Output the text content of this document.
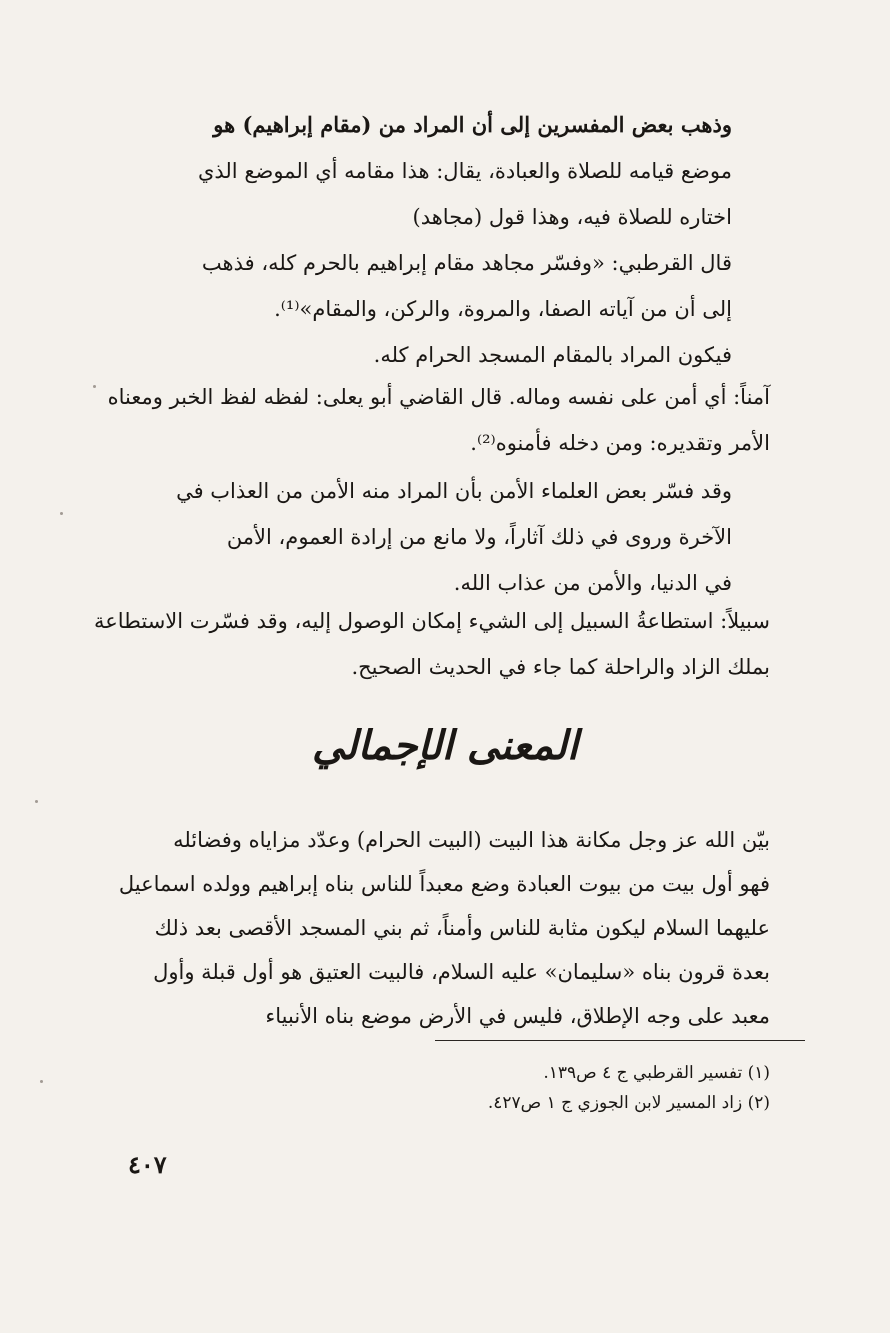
وذهب بعض المفسرين إلى أن المراد من (مقام إبراهيم) هو
موضع قيامه للصلاة والعبادة، يقال: هذا مقامه أي الموضع الذي
اختاره للصلاة فيه، وهذا قول (مجاهد)
قال القرطبي: «وفسّر مجاهد مقام إبراهيم بالحرم كله، فذهب
إلى أن من آياته الصفا، والمروة، والركن، والمقام»⁽¹⁾.
فيكون المراد بالمقام المسجد الحرام كله.
آمناً: أي أمن على نفسه وماله. قال القاضي أبو يعلى: لفظه لفظ الخبر ومعناه
الأمر وتقديره: ومن دخله فأمنوه⁽²⁾.
وقد فسّر بعض العلماء الأمن بأن المراد منه الأمن من العذاب في
الآخرة وروى في ذلك آثاراً، ولا مانع من إرادة العموم، الأمن
في الدنيا، والأمن من عذاب الله.
سبيلاً: استطاعةُ السبيل إلى الشيء إمكان الوصول إليه، وقد فسّرت الاستطاعة
بملك الزاد والراحلة كما جاء في الحديث الصحيح.
المعنى الإجمالي
بيّن الله عز وجل مكانة هذا البيت (البيت الحرام) وعدّد مزاياه وفضائله
فهو أول بيت من بيوت العبادة وضع معبداً للناس بناه إبراهيم وولده اسماعيل
عليهما السلام ليكون مثابة للناس وأمناً، ثم بني المسجد الأقصى بعد ذلك
بعدة قرون بناه «سليمان» عليه السلام، فالبيت العتيق هو أول قبلة وأول
معبد على وجه الإطلاق، فليس في الأرض موضع بناه الأنبياء
(١) تفسير القرطبي ج ٤ ص١٣٩.
(٢) زاد المسير لابن الجوزي ج ١ ص٤٢٧.
٤٠٧
